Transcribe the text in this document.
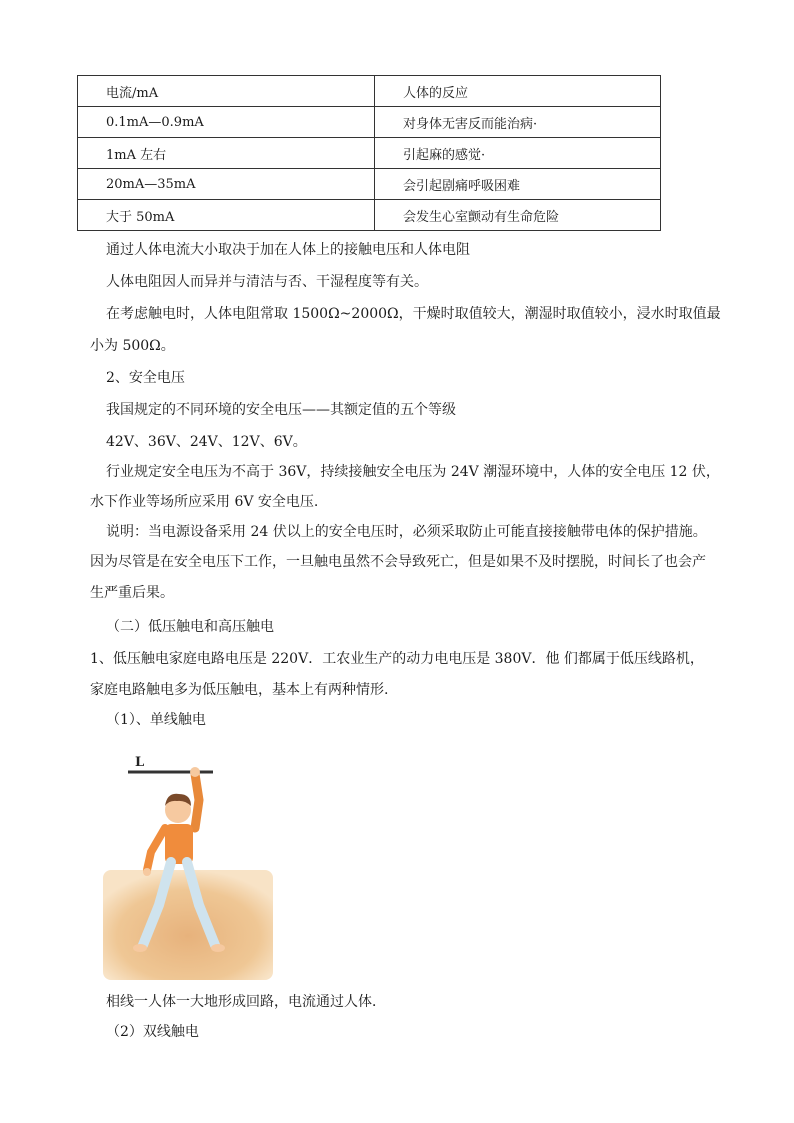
电流/mA	人体的反应
0.1mA—0.9mA	对身体无害反而能治病·
1mA 左右	引起麻的感觉·
20mA—35mA	会引起剧痛呼吸困难
大于 50mA	会发生心室颤动有生命危险
通过人体电流大小取决于加在人体上的接触电压和人体电阻
人体电阻因人而异并与清洁与否、干湿程度等有关。
在考虑触电时，人体电阻常取 1500Ω~2000Ω，干燥时取值较大，潮湿时取值较小，浸水时取值最
小为 500Ω。
2、安全电压
我国规定的不同环境的安全电压——其额定值的五个等级
42V、36V、24V、12V、6V。
行业规定安全电压为不高于 36V，持续接触安全电压为 24V 潮湿环境中，人体的安全电压 12 伏，
水下作业等场所应采用 6V 安全电压.
说明：当电源设备采用 24 伏以上的安全电压时，必须采取防止可能直接接触带电体的保护措施。
因为尽管是在安全电压下工作，一旦触电虽然不会导致死亡，但是如果不及时摆脱，时间长了也会产
生严重后果。
（二）低压触电和高压触电
1、低压触电家庭电路电压是 220V．工农业生产的动力电电压是 380V．他 们都属于低压线路机，
家庭电路触电多为低压触电，基本上有两种情形.
（1）、单线触电
L
相线一人体一大地形成回路，电流通过人体．
（2）双线触电
